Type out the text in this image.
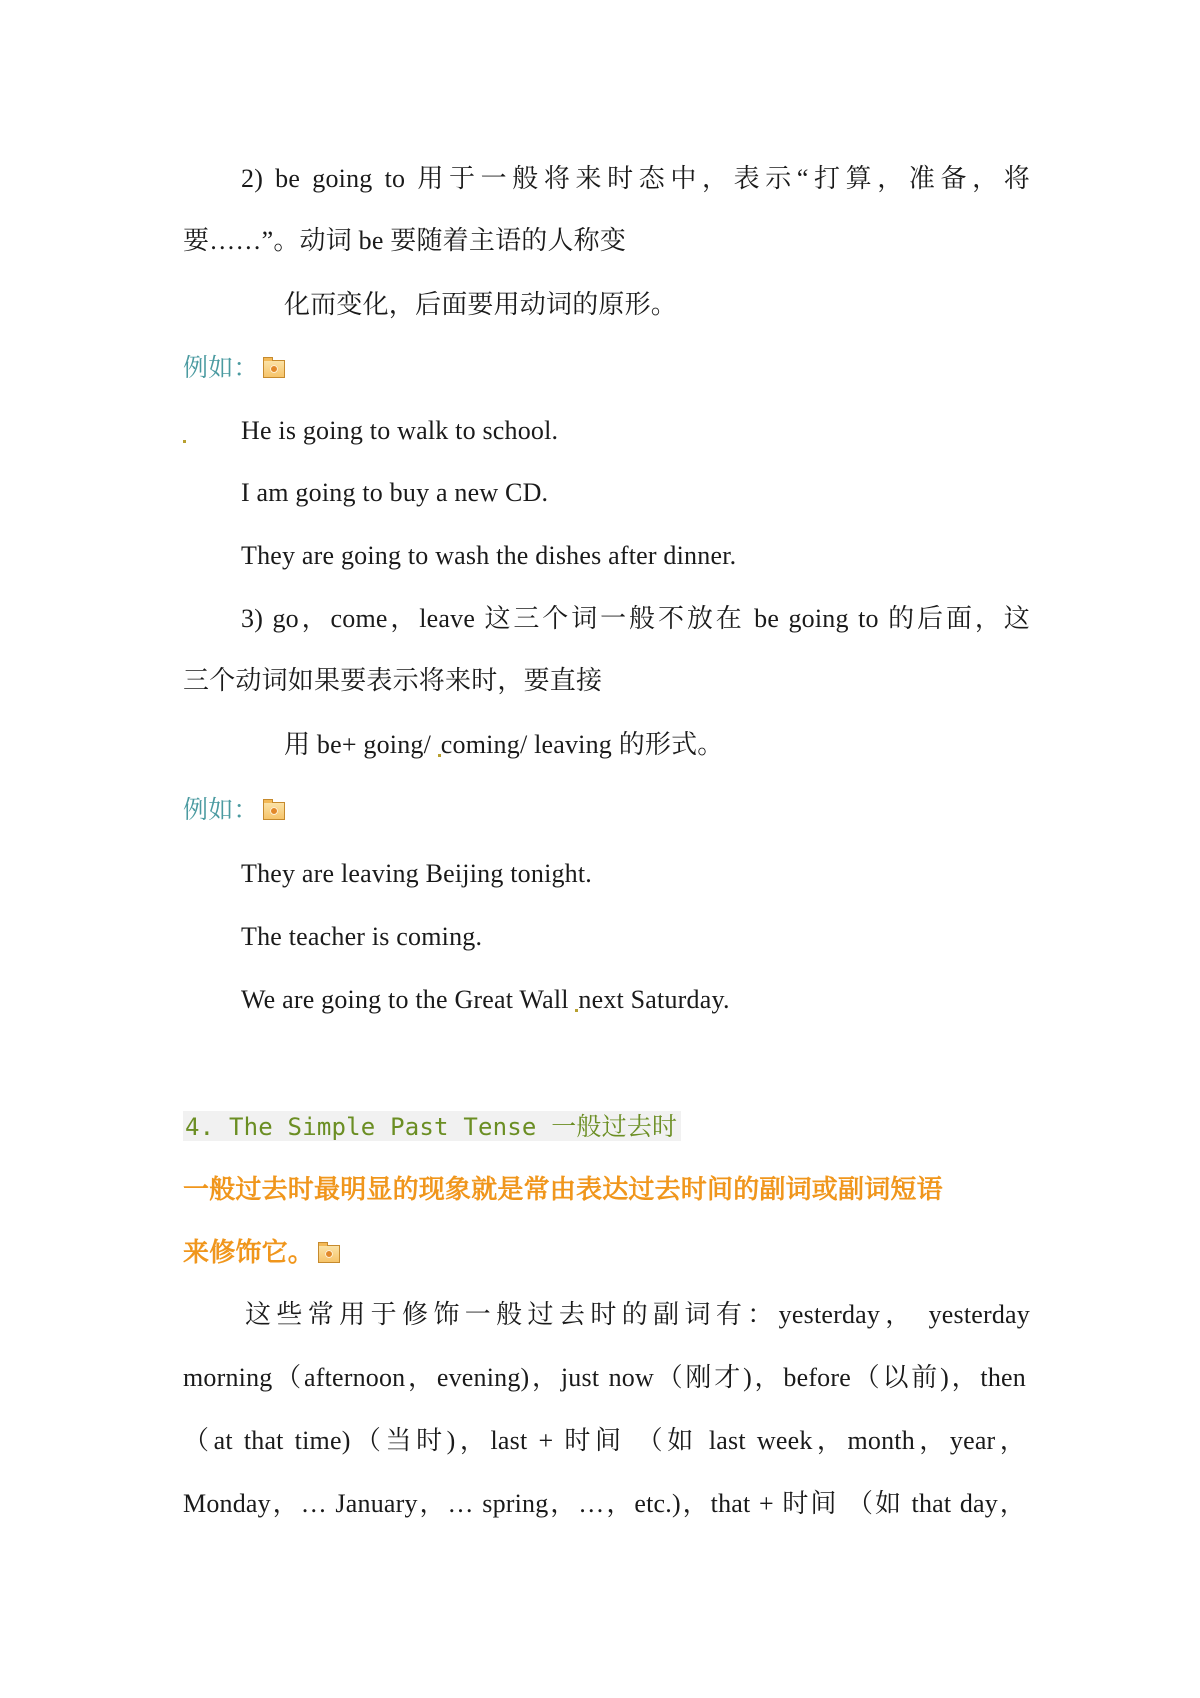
2) be going to 用于一般将来时态中，表示“打算，准备，将
要……”。动词 be 要随着主语的人称变
化而变化，后面要用动词的原形。
例如：
He is going to walk to school.
I am going to buy a new CD.
They are going to wash the dishes after dinner.
3) go，come，leave 这三个词一般不放在 be going to 的后面，这
三个动词如果要表示将来时，要直接
用 be+ going/ coming/ leaving 的形式。
例如：
They are leaving Beijing tonight.
The teacher is coming.
We are going to the Great Wall next Saturday.
4. The Simple Past Tense 一般过去时
一般过去时最明显的现象就是常由表达过去时间的副词或副词短语
来修饰它。
这些常用于修饰一般过去时的副词有：yesterday， yesterday
morning（afternoon，evening)，just now（刚才)，before（以前)，then
（at that time)（当时)，last + 时间 （如 last week，month，year，
Monday，… January，… spring，…，etc.)，that + 时间 （如 that day，
